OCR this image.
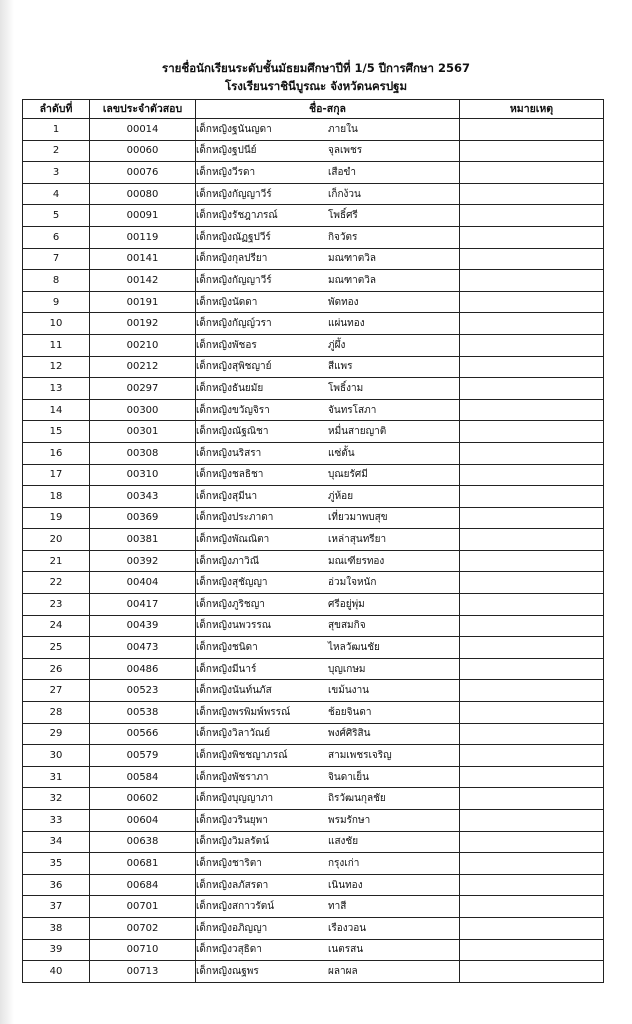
รายชื่อนักเรียนระดับชั้นมัธยมศึกษาปีที่ 1/5 ปีการศึกษา 2567
โรงเรียนราชินีบูรณะ จังหวัดนครปฐม
ลำดับที่	เลขประจำตัวสอบ	ชื่อ-สกุล	หมายเหตุ
1	00014	เด็กหญิงฐนันญดา ภายใน	
2	00060	เด็กหญิงฐปนีย์ จุลเพชร	
3	00076	เด็กหญิงวีรดา เสือขำ	
4	00080	เด็กหญิงกัญญาวีร์ เก็กง้วน	
5	00091	เด็กหญิงรัชฎาภรณ์ โพธิ์ศรี	
6	00119	เด็กหญิงณัฏฐปวีร์ กิจวัตร	
7	00141	เด็กหญิงกุลปรียา มณฑาตวิล	
8	00142	เด็กหญิงกัญญาวีร์ มณฑาตวิล	
9	00191	เด็กหญิงนัดดา พัดทอง	
10	00192	เด็กหญิงกัญญ์วรา แผ่นทอง	
11	00210	เด็กหญิงพัชอร ภู่ผึ้ง	
12	00212	เด็กหญิงสุพิชญาย์ สีแพร	
13	00297	เด็กหญิงธันยมัย โพธิ์งาม	
14	00300	เด็กหญิงขวัญจิรา จันทรโสภา	
15	00301	เด็กหญิงณัฐณิชา หมื่นสายญาติ	
16	00308	เด็กหญิงนริสรา แซ่ตั้น	
17	00310	เด็กหญิงชลธิชา บุณยรัศมี	
18	00343	เด็กหญิงสุมีนา ภู่ห้อย	
19	00369	เด็กหญิงประภาดา เที่ยวมาพบสุข	
20	00381	เด็กหญิงพัณณิตา เหล่าสุนทรียา	
21	00392	เด็กหญิงภาวิณี มณเฑียรทอง	
22	00404	เด็กหญิงสุชัญญา อ่วมใจหนัก	
23	00417	เด็กหญิงภูริชญา ศรีอยู่พุ่ม	
24	00439	เด็กหญิงนพวรรณ สุขสมกิจ	
25	00473	เด็กหญิงชนิดา ไหลวัฒนชัย	
26	00486	เด็กหญิงมีนาร์ บุญเกษม	
27	00523	เด็กหญิงนันท์นภัส เขม้นงาน	
28	00538	เด็กหญิงพรพิมพ์พรรณ์ ช้อยจินดา	
29	00566	เด็กหญิงวิลาวัณย์ พงศ์ศิริสิน	
30	00579	เด็กหญิงพิชชญาภรณ์ สามเพชรเจริญ	
31	00584	เด็กหญิงพัชราภา จินดาเย็น	
32	00602	เด็กหญิงบุญญาภา ถิรวัฒนกุลชัย	
33	00604	เด็กหญิงวรินยุพา พรมรักษา	
34	00638	เด็กหญิงวิมลรัตน์ แสงชัย	
35	00681	เด็กหญิงชาริตา กรุงเก่า	
36	00684	เด็กหญิงลภัสรดา เนินทอง	
37	00701	เด็กหญิงสกาวรัตน์ ทาสี	
38	00702	เด็กหญิงอภิญญา เรืองวอน	
39	00710	เด็กหญิงวสุธิดา เนตรสน	
40	00713	เด็กหญิงณฐพร ผลาผล	
